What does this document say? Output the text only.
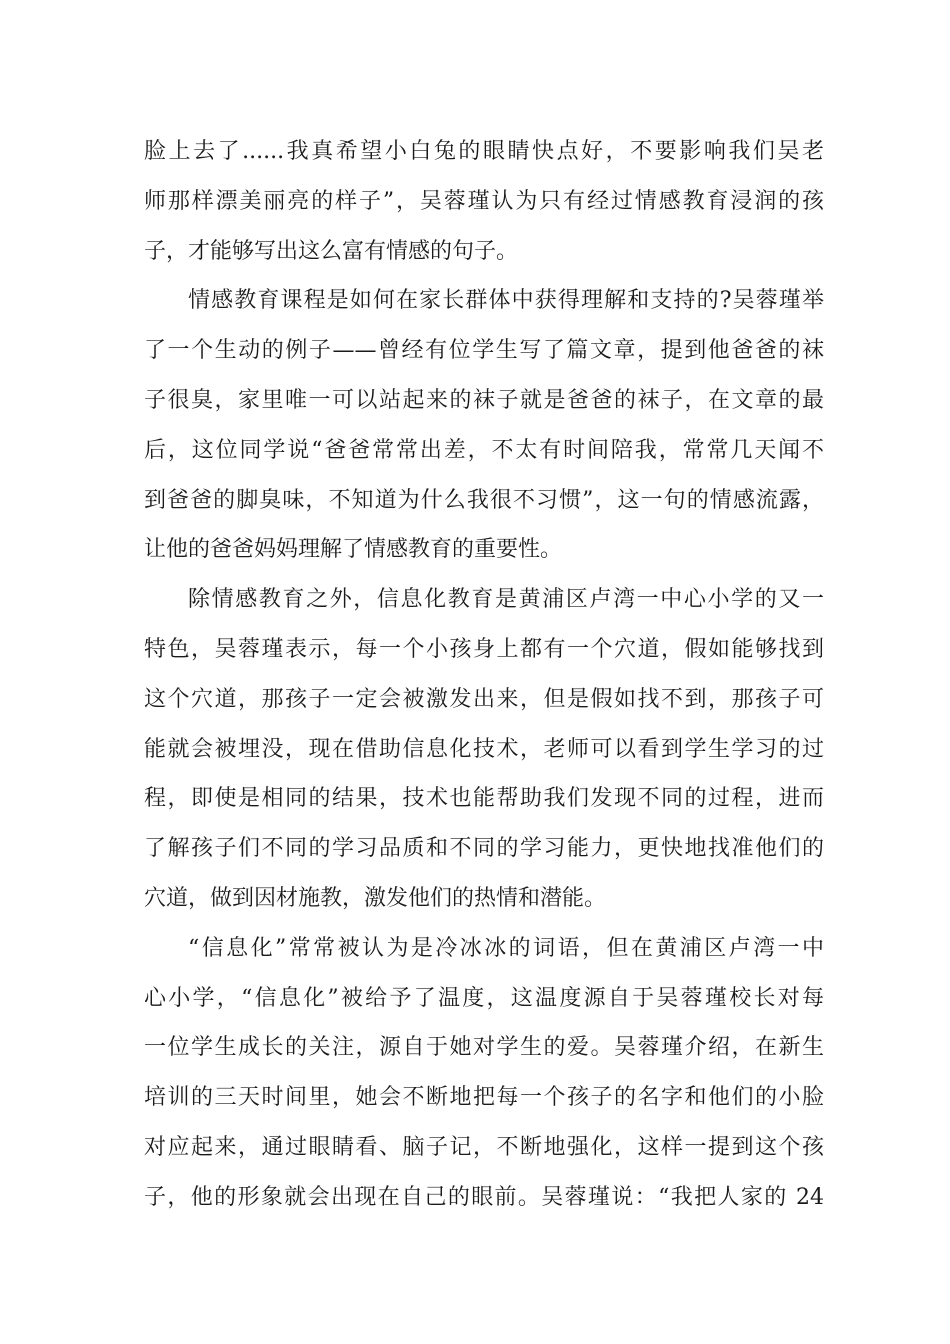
脸上去了......我真希望小白兔的眼睛快点好，不要影响我们吴老
师那样漂美丽亮的样子”，吴蓉瑾认为只有经过情感教育浸润的孩
子，才能够写出这么富有情感的句子。
情感教育课程是如何在家长群体中获得理解和支持的?吴蓉瑾举
了一个生动的例子——曾经有位学生写了篇文章，提到他爸爸的袜
子很臭，家里唯一可以站起来的袜子就是爸爸的袜子，在文章的最
后，这位同学说“爸爸常常出差，不太有时间陪我，常常几天闻不
到爸爸的脚臭味，不知道为什么我很不习惯”，这一句的情感流露，
让他的爸爸妈妈理解了情感教育的重要性。
除情感教育之外，信息化教育是黄浦区卢湾一中心小学的又一
特色，吴蓉瑾表示，每一个小孩身上都有一个穴道，假如能够找到
这个穴道，那孩子一定会被激发出来，但是假如找不到，那孩子可
能就会被埋没，现在借助信息化技术，老师可以看到学生学习的过
程，即使是相同的结果，技术也能帮助我们发现不同的过程，进而
了解孩子们不同的学习品质和不同的学习能力，更快地找准他们的
穴道，做到因材施教，激发他们的热情和潜能。
“信息化”常常被认为是冷冰冰的词语，但在黄浦区卢湾一中
心小学，“信息化”被给予了温度，这温度源自于吴蓉瑾校长对每
一位学生成长的关注，源自于她对学生的爱。吴蓉瑾介绍，在新生
培训的三天时间里，她会不断地把每一个孩子的名字和他们的小脸
对应起来，通过眼睛看、脑子记，不断地强化，这样一提到这个孩
子，他的形象就会出现在自己的眼前。吴蓉瑾说：“我把人家的 24
